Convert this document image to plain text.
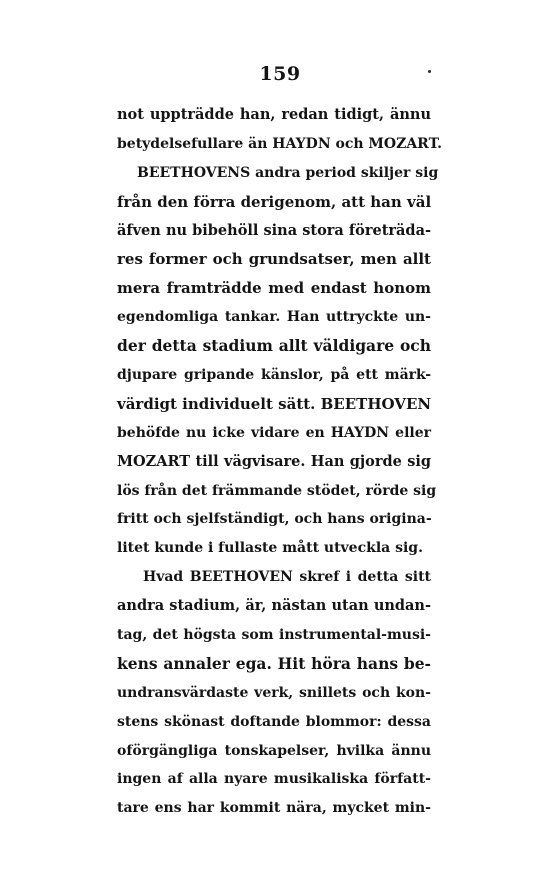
159
not uppträdde han, redan tidigt, ännu
betydelsefullare än HAYDN och MOZART.
BEETHOVENS andra period skiljer sig
från den förra derigenom, att han väl
äfven nu bibehöll sina stora företräda-
res former och grundsatser, men allt
mera framträdde med endast honom
egendomliga tankar. Han uttryckte un-
der detta stadium allt väldigare och
djupare gripande känslor, på ett märk-
värdigt individuelt sätt. BEETHOVEN
behöfde nu icke vidare en HAYDN eller
MOZART till vägvisare. Han gjorde sig
lös från det främmande stödet, rörde sig
fritt och sjelfständigt, och hans origina-
litet kunde i fullaste mått utveckla sig.
Hvad BEETHOVEN skref i detta sitt
andra stadium, är, nästan utan undan-
tag, det högsta som instrumental-musi-
kens annaler ega. Hit höra hans be-
undransvärdaste verk, snillets och kon-
stens skönast doftande blommor: dessa
oförgängliga tonskapelser, hvilka ännu
ingen af alla nyare musikaliska författ-
tare ens har kommit nära, mycket min-
